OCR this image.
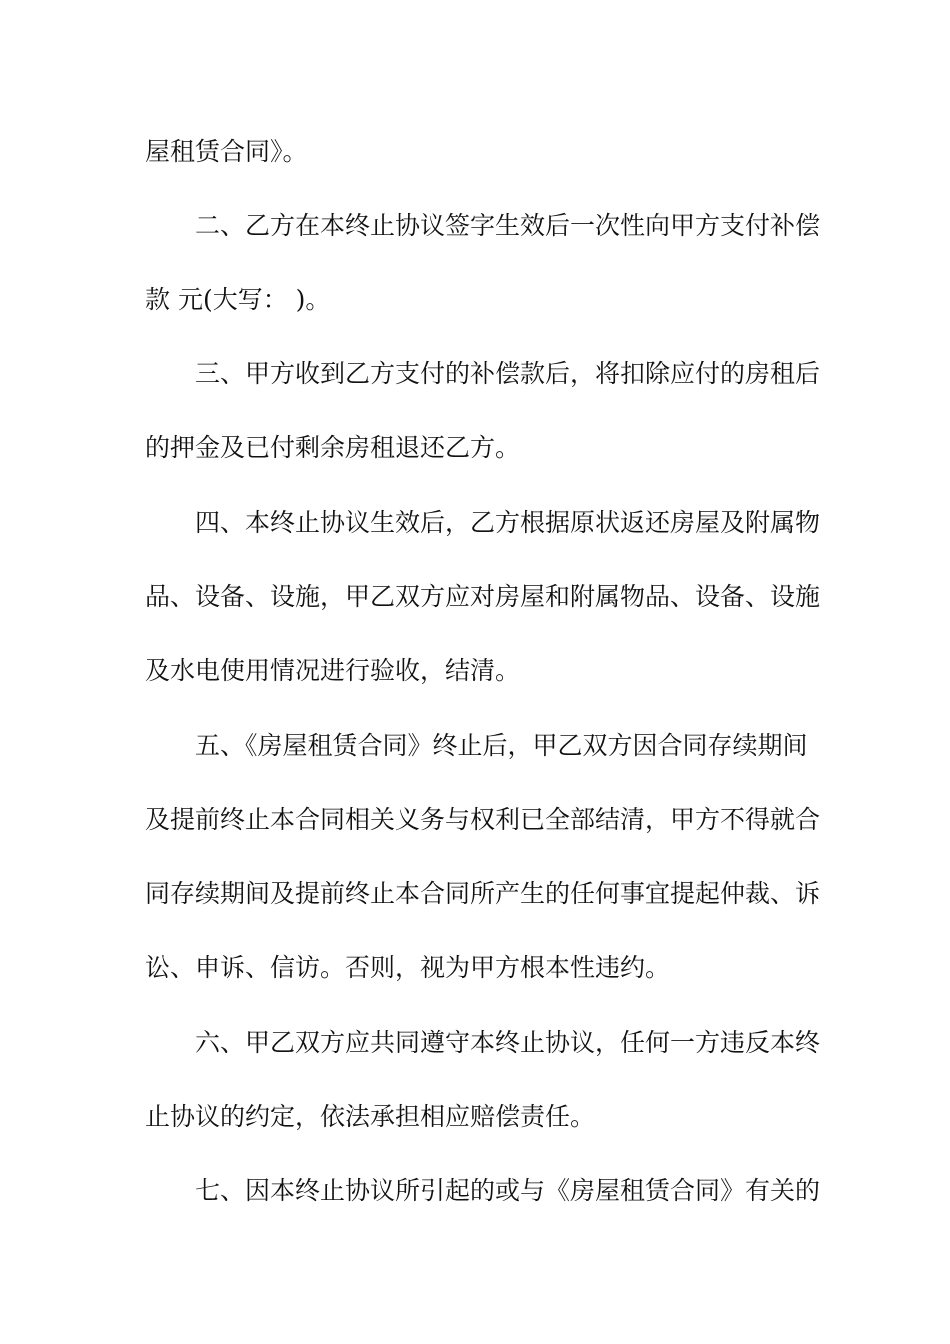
屋租赁合同》。
二、乙方在本终止协议签字生效后一次性向甲方支付补偿
款 元(大写： )。
三、甲方收到乙方支付的补偿款后，将扣除应付的房租后
的押金及已付剩余房租退还乙方。
四、本终止协议生效后，乙方根据原状返还房屋及附属物
品、设备、设施，甲乙双方应对房屋和附属物品、设备、设施
及水电使用情况进行验收，结清。
五、《房屋租赁合同》终止后，甲乙双方因合同存续期间
及提前终止本合同相关义务与权利已全部结清，甲方不得就合
同存续期间及提前终止本合同所产生的任何事宜提起仲裁、诉
讼、申诉、信访。否则，视为甲方根本性违约。
六、甲乙双方应共同遵守本终止协议，任何一方违反本终
止协议的约定，依法承担相应赔偿责任。
七、因本终止协议所引起的或与《房屋租赁合同》有关的
